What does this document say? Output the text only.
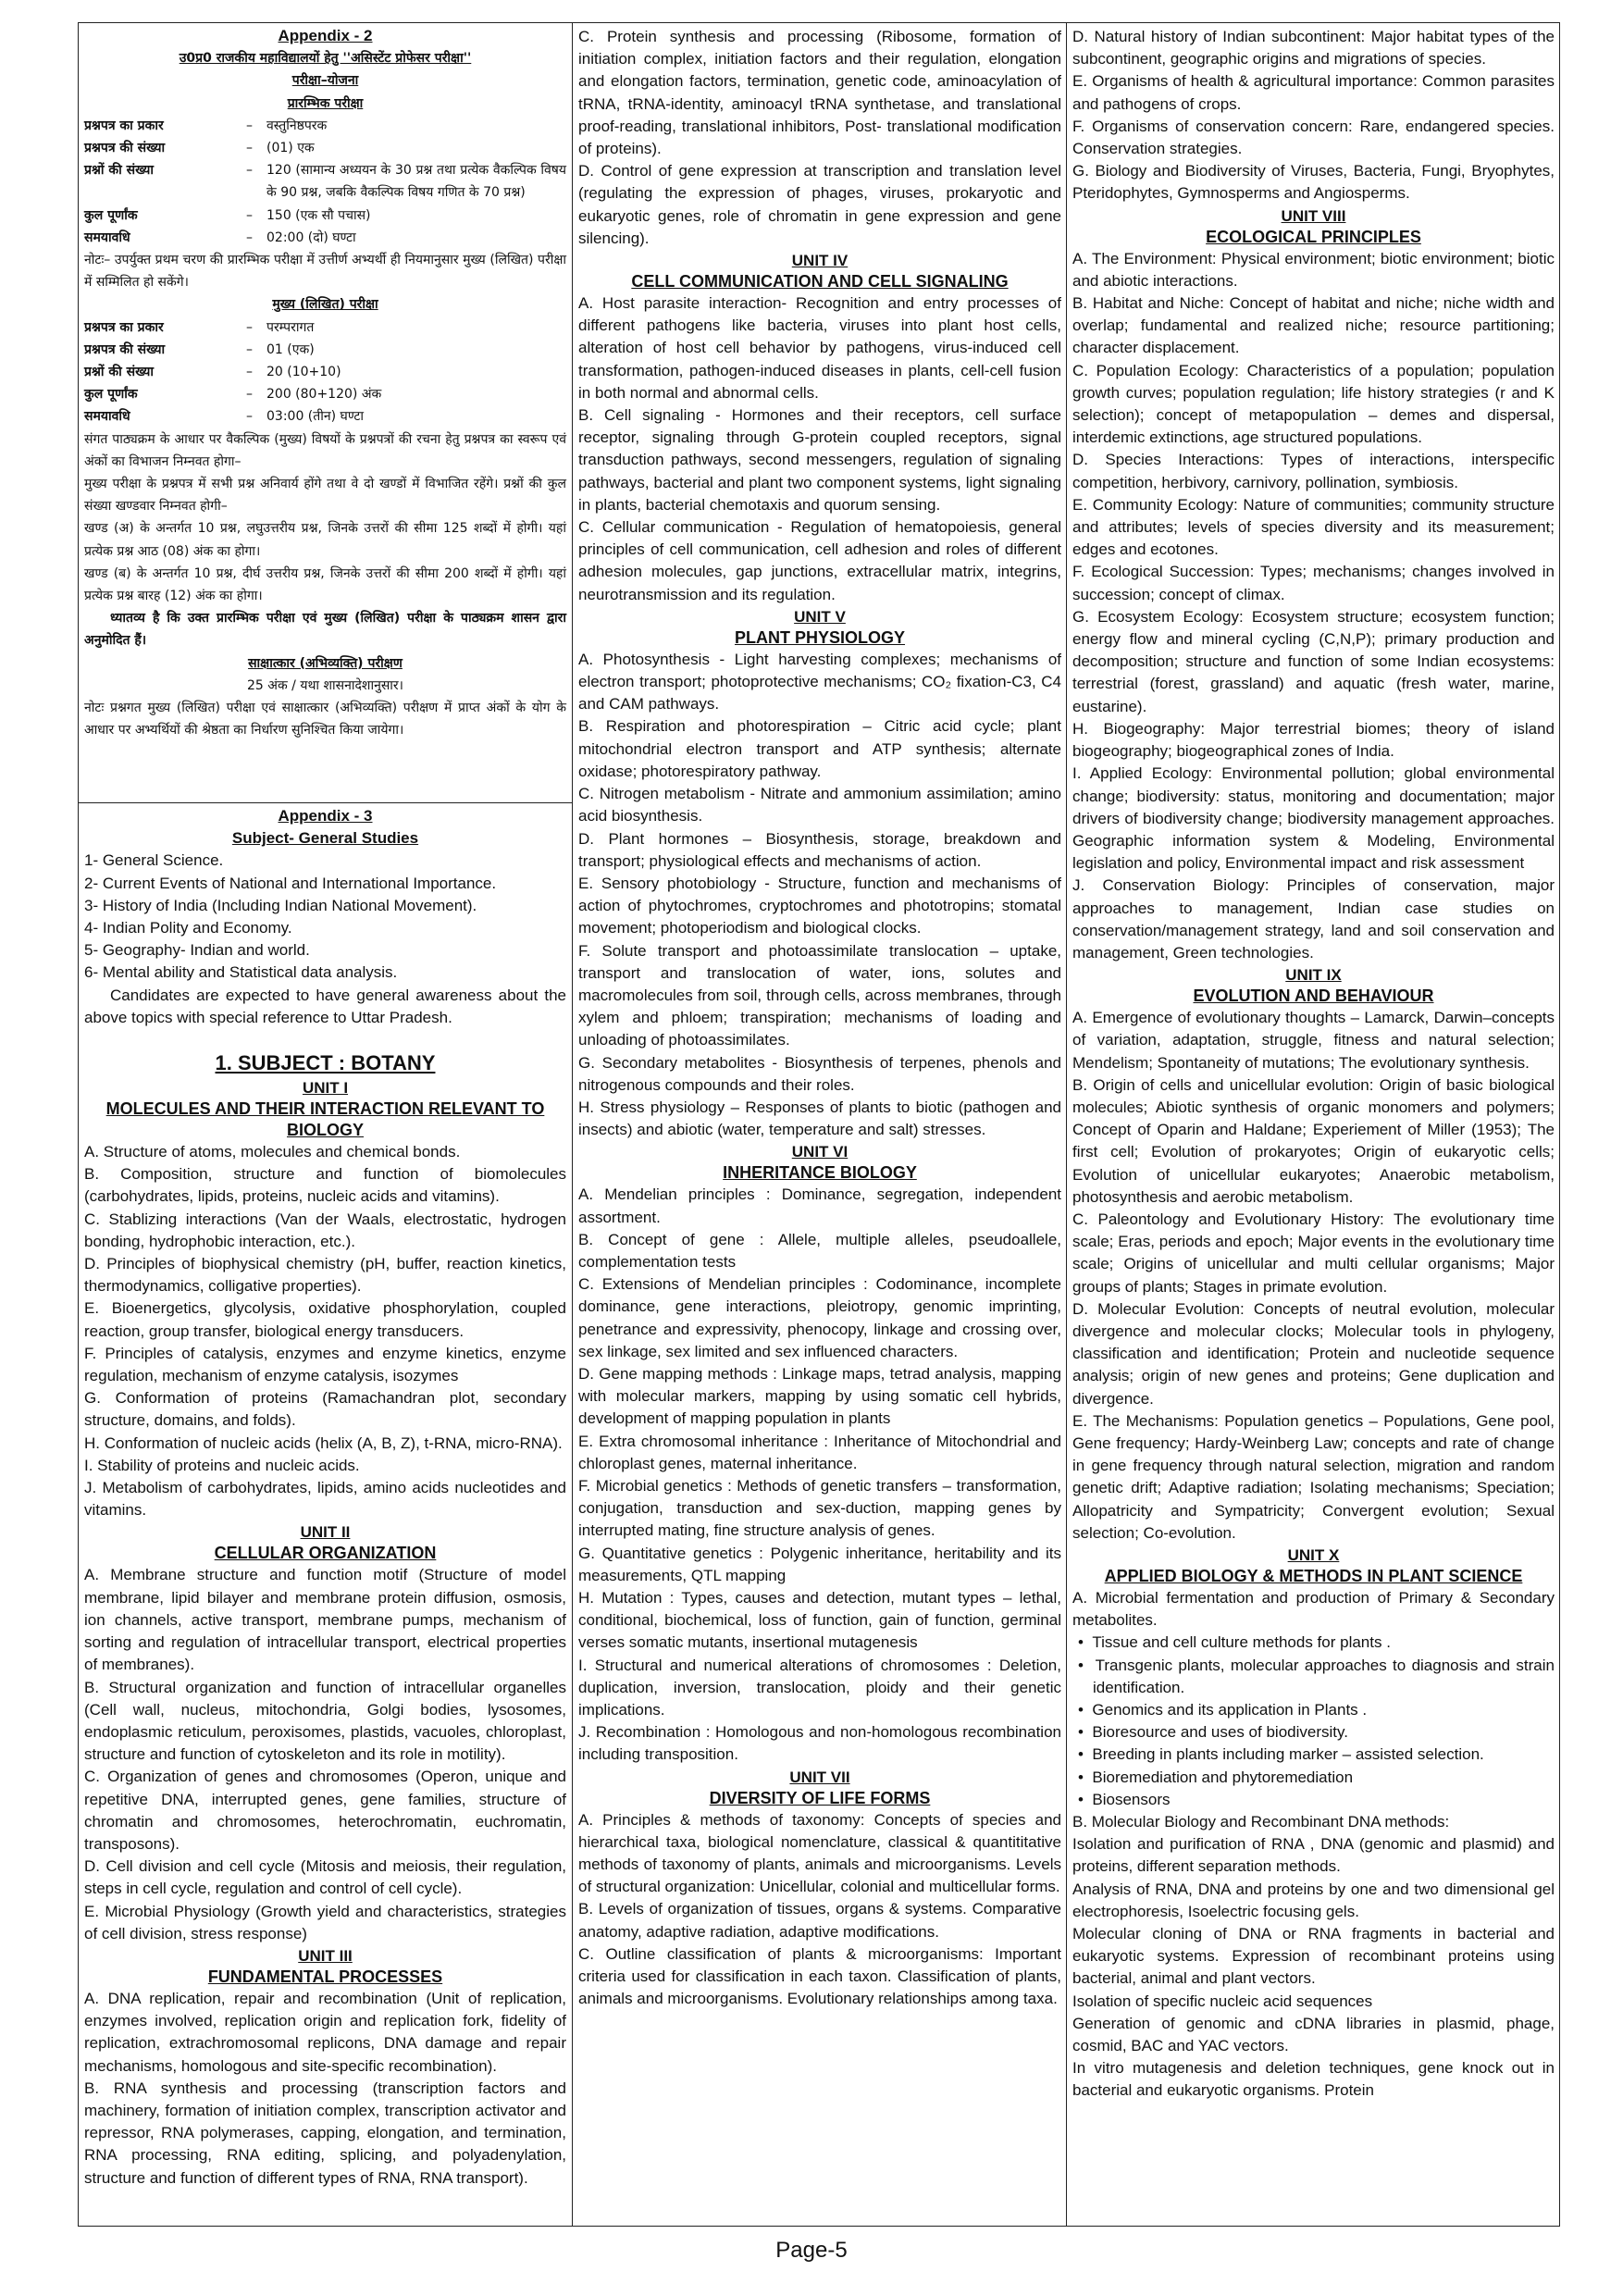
Appendix - 2
उ0प्र0 राजकीय महाविद्यालयों हेतु ''असिस्टेंट प्रोफेसर परीक्षा''
परीक्षा–योजना
प्रारम्भिक परीक्षा
प्रश्नपत्र का प्रकार	–	वस्तुनिष्ठपरक
प्रश्नपत्र की संख्या	–	(01) एक
प्रश्नों की संख्या	–	120 (सामान्य अध्ययन के 30 प्रश्न तथा प्रत्येक वैकल्पिक विषय के 90 प्रश्न, जबकि वैकल्पिक विषय गणित के 70 प्रश्न)
कुल पूर्णांक	–	150 (एक सौ पचास)
समयावधि	–	02:00 (दो) घण्टा
नोटः– उपर्युक्त प्रथम चरण की प्रारम्भिक परीक्षा में उत्तीर्ण अभ्यर्थी ही नियमानुसार मुख्य (लिखित) परीक्षा में सम्मिलित हो सकेंगे।
मुख्य (लिखित) परीक्षा
प्रश्नपत्र का प्रकार	–	परम्परागत
प्रश्नपत्र की संख्या	–	01 (एक)
प्रश्नों की संख्या	–	20 (10+10)
कुल पूर्णांक	–	200 (80+120) अंक
समयावधि	–	03:00 (तीन) घण्टा
संगत पाठ्यक्रम के आधार पर वैकल्पिक (मुख्य) विषयों के प्रश्नपत्रों की रचना हेतु प्रश्नपत्र का स्वरूप एवं अंकों का विभाजन निम्नवत होगा–
मुख्य परीक्षा के प्रश्नपत्र में सभी प्रश्न अनिवार्य होंगे तथा वे दो खण्डों में विभाजित रहेंगे। प्रश्नों की कुल संख्या खण्डवार निम्नवत होगी–
खण्ड (अ) के अन्तर्गत 10 प्रश्न, लघुउत्तरीय प्रश्न, जिनके उत्तरों की सीमा 125 शब्दों में होगी। यहां प्रत्येक प्रश्न आठ (08) अंक का होगा।
खण्ड (ब) के अन्तर्गत 10 प्रश्न, दीर्घ उत्तरीय प्रश्न, जिनके उत्तरों की सीमा 200 शब्दों में होगी। यहां प्रत्येक प्रश्न बारह (12) अंक का होगा।
ध्यातव्य है कि उक्त प्रारम्भिक परीक्षा एवं मुख्य (लिखित) परीक्षा के पाठ्यक्रम शासन द्वारा अनुमोदित हैं।
साक्षात्कार (अभिव्यक्ति) परीक्षण
25 अंक / यथा शासनादेशानुसार।
नोटः प्रश्नगत मुख्य (लिखित) परीक्षा एवं साक्षात्कार (अभिव्यक्ति) परीक्षण में प्राप्त अंकों के योग के आधार पर अभ्यर्थियों की श्रेष्ठता का निर्धारण सुनिश्चित किया जायेगा।
Appendix - 3
Subject- General Studies
1- General Science.
2- Current Events of National and International Importance.
3- History of India (Including Indian National Movement).
4- Indian Polity and Economy.
5- Geography- Indian and world.
6- Mental ability and Statistical data analysis.
Candidates are expected to have general awareness about the above topics with special reference to Uttar Pradesh.
1. SUBJECT : BOTANY
UNIT I
MOLECULES AND THEIR INTERACTION RELEVANT TO BIOLOGY
A. Structure of atoms, molecules and chemical bonds.
B. Composition, structure and function of biomolecules (carbohydrates, lipids, proteins, nucleic acids and vitamins).
C. Stablizing interactions (Van der Waals, electrostatic, hydrogen bonding, hydrophobic interaction, etc.).
D. Principles of biophysical chemistry (pH, buffer, reaction kinetics, thermodynamics, colligative properties).
E. Bioenergetics, glycolysis, oxidative phosphorylation, coupled reaction, group transfer, biological energy transducers.
F. Principles of catalysis, enzymes and enzyme kinetics, enzyme regulation, mechanism of enzyme catalysis, isozymes
G. Conformation of proteins (Ramachandran plot, secondary structure, domains, and folds).
H. Conformation of nucleic acids (helix (A, B, Z), t-RNA, micro-RNA).
I. Stability of proteins and nucleic acids.
J. Metabolism of carbohydrates, lipids, amino acids nucleotides and vitamins.
UNIT II
CELLULAR ORGANIZATION
A. Membrane structure and function motif (Structure of model membrane, lipid bilayer and membrane protein diffusion, osmosis, ion channels, active transport, membrane pumps, mechanism of sorting and regulation of intracellular transport, electrical properties of membranes).
B. Structural organization and function of intracellular organelles (Cell wall, nucleus, mitochondria, Golgi bodies, lysosomes, endoplasmic reticulum, peroxisomes, plastids, vacuoles, chloroplast, structure and function of cytoskeleton and its role in motility).
C. Organization of genes and chromosomes (Operon, unique and repetitive DNA, interrupted genes, gene families, structure of chromatin and chromosomes, heterochromatin, euchromatin, transposons).
D. Cell division and cell cycle (Mitosis and meiosis, their regulation, steps in cell cycle, regulation and control of cell cycle).
E. Microbial Physiology (Growth yield and characteristics, strategies of cell division, stress response)
UNIT III
FUNDAMENTAL PROCESSES
A. DNA replication, repair and recombination (Unit of replication, enzymes involved, replication origin and replication fork, fidelity of replication, extrachromosomal replicons, DNA damage and repair mechanisms, homologous and site-specific recombination).
B. RNA synthesis and processing (transcription factors and machinery, formation of initiation complex, transcription activator and repressor, RNA polymerases, capping, elongation, and termination, RNA processing, RNA editing, splicing, and polyadenylation, structure and function of different types of RNA, RNA transport).
C. Protein synthesis and processing (Ribosome, formation of initiation complex, initiation factors and their regulation, elongation and elongation factors, termination, genetic code, aminoacylation of tRNA, tRNA-identity, aminoacyl tRNA synthetase, and translational proof-reading, translational inhibitors, Post- translational modification of proteins).
D. Control of gene expression at transcription and translation level (regulating the expression of phages, viruses, prokaryotic and eukaryotic genes, role of chromatin in gene expression and gene silencing).
UNIT IV
CELL COMMUNICATION AND CELL SIGNALING
A. Host parasite interaction- Recognition and entry processes of different pathogens like bacteria, viruses into plant host cells, alteration of host cell behavior by pathogens, virus-induced cell transformation, pathogen-induced diseases in plants, cell-cell fusion in both normal and abnormal cells.
B. Cell signaling - Hormones and their receptors, cell surface receptor, signaling through G-protein coupled receptors, signal transduction pathways, second messengers, regulation of signaling pathways, bacterial and plant two component systems, light signaling in plants, bacterial chemotaxis and quorum sensing.
C. Cellular communication - Regulation of hematopoiesis, general principles of cell communication, cell adhesion and roles of different adhesion molecules, gap junctions, extracellular matrix, integrins, neurotransmission and its regulation.
UNIT V
PLANT PHYSIOLOGY
A. Photosynthesis - Light harvesting complexes; mechanisms of electron transport; photoprotective mechanisms; CO₂ fixation-C3, C4 and CAM pathways.
B. Respiration and photorespiration – Citric acid cycle; plant mitochondrial electron transport and ATP synthesis; alternate oxidase; photorespiratory pathway.
C. Nitrogen metabolism - Nitrate and ammonium assimilation; amino acid biosynthesis.
D. Plant hormones – Biosynthesis, storage, breakdown and transport; physiological effects and mechanisms of action.
E. Sensory photobiology - Structure, function and mechanisms of action of phytochromes, cryptochromes and phototropins; stomatal movement; photoperiodism and biological clocks.
F. Solute transport and photoassimilate translocation – uptake, transport and translocation of water, ions, solutes and macromolecules from soil, through cells, across membranes, through xylem and phloem; transpiration; mechanisms of loading and unloading of photoassimilates.
G. Secondary metabolites - Biosynthesis of terpenes, phenols and nitrogenous compounds and their roles.
H. Stress physiology – Responses of plants to biotic (pathogen and insects) and abiotic (water, temperature and salt) stresses.
UNIT VI
INHERITANCE BIOLOGY
A. Mendelian principles : Dominance, segregation, independent assortment.
B. Concept of gene : Allele, multiple alleles, pseudoallele, complementation tests
C. Extensions of Mendelian principles : Codominance, incomplete dominance, gene interactions, pleiotropy, genomic imprinting, penetrance and expressivity, phenocopy, linkage and crossing over, sex linkage, sex limited and sex influenced characters.
D. Gene mapping methods : Linkage maps, tetrad analysis, mapping with molecular markers, mapping by using somatic cell hybrids, development of mapping population in plants
E. Extra chromosomal inheritance : Inheritance of Mitochondrial and chloroplast genes, maternal inheritance.
F. Microbial genetics : Methods of genetic transfers – transformation, conjugation, transduction and sex-duction, mapping genes by interrupted mating, fine structure analysis of genes.
G. Quantitative genetics : Polygenic inheritance, heritability and its measurements, QTL mapping
H. Mutation : Types, causes and detection, mutant types – lethal, conditional, biochemical, loss of function, gain of function, germinal verses somatic mutants, insertional mutagenesis
I. Structural and numerical alterations of chromosomes : Deletion, duplication, inversion, translocation, ploidy and their genetic implications.
J. Recombination : Homologous and non-homologous recombination including transposition.
UNIT VII
DIVERSITY OF LIFE FORMS
A. Principles & methods of taxonomy: Concepts of species and hierarchical taxa, biological nomenclature, classical & quantititative methods of taxonomy of plants, animals and microorganisms. Levels of structural organization: Unicellular, colonial and multicellular forms.
B. Levels of organization of tissues, organs & systems. Comparative anatomy, adaptive radiation, adaptive modifications.
C. Outline classification of plants & microorganisms: Important criteria used for classification in each taxon. Classification of plants, animals and microorganisms. Evolutionary relationships among taxa.
D. Natural history of Indian subcontinent: Major habitat types of the subcontinent, geographic origins and migrations of species.
E. Organisms of health & agricultural importance: Common parasites and pathogens of crops.
F. Organisms of conservation concern: Rare, endangered species. Conservation strategies.
G. Biology and Biodiversity of Viruses, Bacteria, Fungi, Bryophytes, Pteridophytes, Gymnosperms and Angiosperms.
UNIT VIII
ECOLOGICAL PRINCIPLES
A. The Environment: Physical environment; biotic environment; biotic and abiotic interactions.
B. Habitat and Niche: Concept of habitat and niche; niche width and overlap; fundamental and realized niche; resource partitioning; character displacement.
C. Population Ecology: Characteristics of a population; population growth curves; population regulation; life history strategies (r and K selection); concept of metapopulation – demes and dispersal, interdemic extinctions, age structured populations.
D. Species Interactions: Types of interactions, interspecific competition, herbivory, carnivory, pollination, symbiosis.
E. Community Ecology: Nature of communities; community structure and attributes; levels of species diversity and its measurement; edges and ecotones.
F. Ecological Succession: Types; mechanisms; changes involved in succession; concept of climax.
G. Ecosystem Ecology: Ecosystem structure; ecosystem function; energy flow and mineral cycling (C,N,P); primary production and decomposition; structure and function of some Indian ecosystems: terrestrial (forest, grassland) and aquatic (fresh water, marine, eustarine).
H. Biogeography: Major terrestrial biomes; theory of island biogeography; biogeographical zones of India.
I. Applied Ecology: Environmental pollution; global environmental change; biodiversity: status, monitoring and documentation; major drivers of biodiversity change; biodiversity management approaches. Geographic information system & Modeling, Environmental legislation and policy, Environmental impact and risk assessment
J. Conservation Biology: Principles of conservation, major approaches to management, Indian case studies on conservation/management strategy, land and soil conservation and management, Green technologies.
UNIT IX
EVOLUTION AND BEHAVIOUR
A. Emergence of evolutionary thoughts – Lamarck, Darwin–concepts of variation, adaptation, struggle, fitness and natural selection; Mendelism; Spontaneity of mutations; The evolutionary synthesis.
B. Origin of cells and unicellular evolution: Origin of basic biological molecules; Abiotic synthesis of organic monomers and polymers; Concept of Oparin and Haldane; Experiement of Miller (1953); The first cell; Evolution of prokaryotes; Origin of eukaryotic cells; Evolution of unicellular eukaryotes; Anaerobic metabolism, photosynthesis and aerobic metabolism.
C. Paleontology and Evolutionary History: The evolutionary time scale; Eras, periods and epoch; Major events in the evolutionary time scale; Origins of unicellular and multi cellular organisms; Major groups of plants; Stages in primate evolution.
D. Molecular Evolution: Concepts of neutral evolution, molecular divergence and molecular clocks; Molecular tools in phylogeny, classification and identification; Protein and nucleotide sequence analysis; origin of new genes and proteins; Gene duplication and divergence.
E. The Mechanisms: Population genetics – Populations, Gene pool, Gene frequency; Hardy-Weinberg Law; concepts and rate of change in gene frequency through natural selection, migration and random genetic drift; Adaptive radiation; Isolating mechanisms; Speciation; Allopatricity and Sympatricity; Convergent evolution; Sexual selection; Co-evolution.
UNIT X
APPLIED BIOLOGY & METHODS IN PLANT SCIENCE
A. Microbial fermentation and production of Primary & Secondary metabolites.
•  Tissue and cell culture methods for plants .
•  Transgenic plants, molecular approaches to diagnosis and strain identification.
•  Genomics and its application in Plants .
•  Bioresource and uses of biodiversity.
•  Breeding in plants including marker – assisted selection.
•  Bioremediation and phytoremediation
•  Biosensors
B. Molecular Biology and Recombinant DNA methods:
Isolation and purification of RNA , DNA (genomic and plasmid) and proteins, different separation methods.
Analysis of RNA, DNA and proteins by one and two dimensional gel electrophoresis, Isoelectric focusing gels.
Molecular cloning of DNA or RNA fragments in bacterial and eukaryotic systems. Expression of recombinant proteins using bacterial, animal and plant vectors.
Isolation of specific nucleic acid sequences
Generation of genomic and cDNA libraries in plasmid, phage, cosmid, BAC and YAC vectors.
In vitro mutagenesis and deletion techniques, gene knock out in bacterial and eukaryotic organisms. Protein
Page-5
